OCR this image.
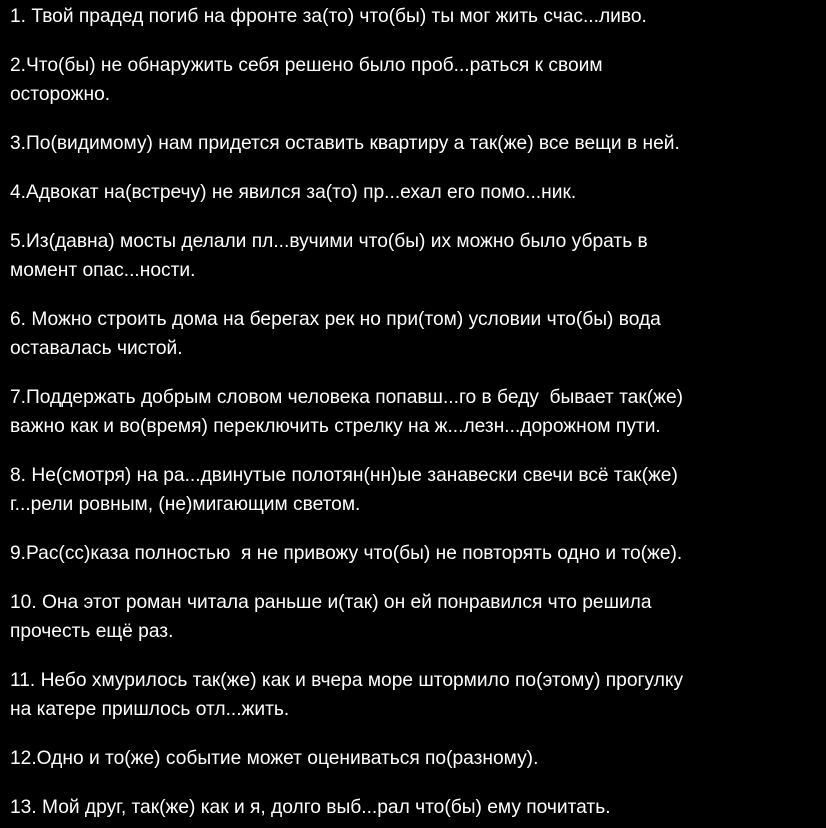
1. Твой прадед погиб на фронте за(то) что(бы) ты мог жить счас...ливо.

2.Что(бы) не обнаружить себя решено было проб...раться к своим
осторожно.

3.По(видимому) нам придется оставить квартиру а так(же) все вещи в ней.

4.Адвокат на(встречу) не явился за(то) пр...ехал его помо...ник.

5.Из(давна) мосты делали пл...вучими что(бы) их можно было убрать в
момент опас...ности.

6. Можно строить дома на берегах рек но при(том) условии что(бы) вода
оставалась чистой.

7.Поддержать добрым словом человека попавш...го в беду  бывает так(же)
важно как и во(время) переключить стрелку на ж...лезн...дорожном пути.

8. Не(смотря) на ра...двинутые полотян(нн)ые занавески свечи всё так(же)
г...рели ровным, (не)мигающим светом.

9.Рас(сс)каза полностью  я не привожу что(бы) не повторять одно и то(же).

10. Она этот роман читала раньше и(так) он ей понравился что решила
прочесть ещё раз.

11. Небо хмурилось так(же) как и вчера море штормило по(этому) прогулку
на катере пришлось отл...жить.

12.Одно и то(же) событие может оцениваться по(разному).

13. Мой друг, так(же) как и я, долго выб...рал что(бы) ему почитать.
